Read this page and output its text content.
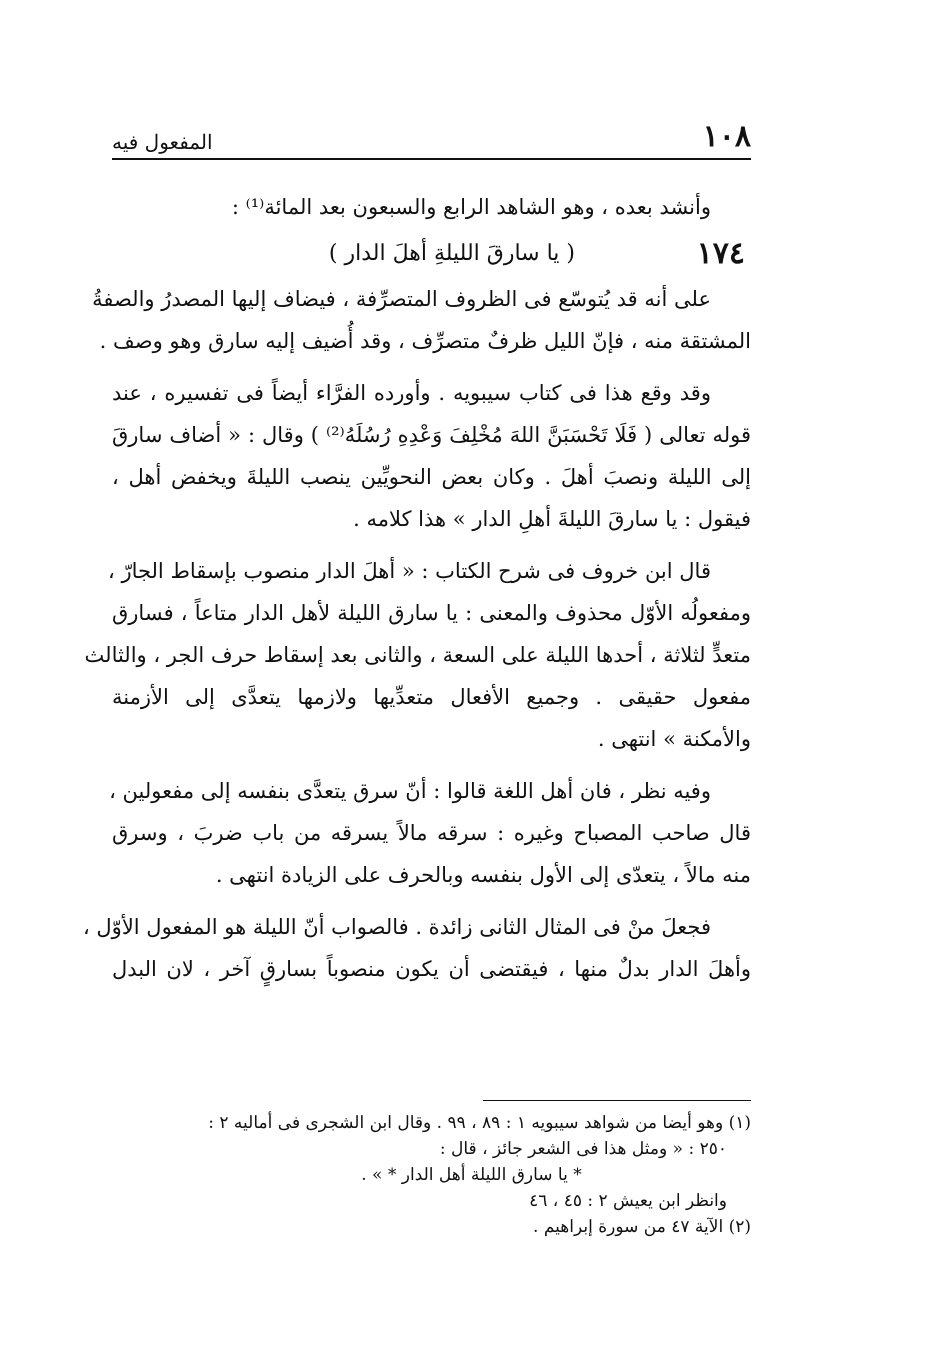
١٠٨
المفعول فيه
وأنشد بعده ، وهو الشاهد الرابع والسبعون بعد المائة⁽¹⁾ :
١٧٤
( يا سارقَ الليلةِ أهلَ الدار )
على أنه قد يُتوسّع فى الظروف المتصرِّفة ، فيضاف إليها المصدرُ والصفةُ
المشتقة منه ، فإنّ الليل ظرفٌ متصرِّف ، وقد أُضيف إليه سارق وهو وصف .
وقد وقع هذا فى كتاب سيبويه . وأورده الفرَّاء أيضاً فى تفسيره ، عند
قوله تعالى ( فَلَا تَحْسَبَنَّ اللهَ مُخْلِفَ وَعْدِهِ رُسُلَهُ⁽²⁾ ) وقال : « أضاف سارقَ
إلى الليلة ونصبَ أهلَ . وكان بعض النحويِّين ينصب الليلةَ ويخفض أهل ،
فيقول : يا سارقَ الليلةَ أهلِ الدار » هذا كلامه .
قال ابن خروف فى شرح الكتاب : « أهلَ الدار منصوب بإسقاط الجارّ ،
ومفعولُه الأوّل محذوف والمعنى : يا سارق الليلة لأهل الدار متاعاً ، فسارق
متعدٍّ لثلاثة ، أحدها الليلة على السعة ، والثانى بعد إسقاط حرف الجر ، والثالث
مفعول حقيقى . وجميع الأفعال متعدِّيها ولازمها يتعدَّى إلى الأزمنة
والأمكنة » انتهى .
وفيه نظر ، فان أهل اللغة قالوا : أنّ سرق يتعدَّى بنفسه إلى مفعولين ،
قال صاحب المصباح وغيره : سرقه مالاً يسرقه من باب ضربَ ، وسرق
منه مالاً ، يتعدّى إلى الأول بنفسه وبالحرف على الزيادة انتهى .
فجعلَ منْ فى المثال الثانى زائدة . فالصواب أنّ الليلة هو المفعول الأوّل ،
وأهلَ الدار بدلٌ منها ، فيقتضى أن يكون منصوباً بسارقٍ آخر ، لان البدل
(١) وهو أيضا من شواهد سيبويه ١ : ٨٩ ، ٩٩ . وقال ابن الشجرى فى أماليه ٢ :
٢٥٠ : « ومثل هذا فى الشعر جائز ، قال :
* يا سارق الليلة أهل الدار * » .
وانظر ابن يعيش ٢ : ٤٥ ، ٤٦
(٢) الآية ٤٧ من سورة إبراهيم .
